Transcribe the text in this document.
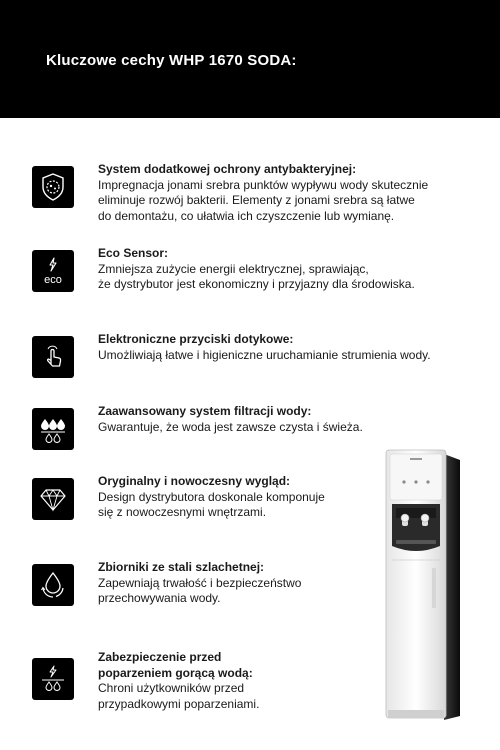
Kluczowe cechy WHP 1670 SODA:
System dodatkowej ochrony antybakteryjnej:
Impregnacja jonami srebra punktów wypływu wody skutecznie
eliminuje rozwój bakterii. Elementy z jonami srebra są łatwe
do demontażu, co ułatwia ich czyszczenie lub wymianę.
eco
Eco Sensor:
Zmniejsza zużycie energii elektrycznej, sprawiając,
że dystrybutor jest ekonomiczny i przyjazny dla środowiska.
Elektroniczne przyciski dotykowe:
Umożliwiają łatwe i higieniczne uruchamianie strumienia wody.
Zaawansowany system filtracji wody:
Gwarantuje, że woda jest zawsze czysta i świeża.
Oryginalny i nowoczesny wygląd:
Design dystrybutora doskonale komponuje
się z nowoczesnymi wnętrzami.
Zbiorniki ze stali szlachetnej:
Zapewniają trwałość i bezpieczeństwo
przechowywania wody.
Zabezpieczenie przed
poparzeniem gorącą wodą:
Chroni użytkowników przed
przypadkowymi poparzeniami.
